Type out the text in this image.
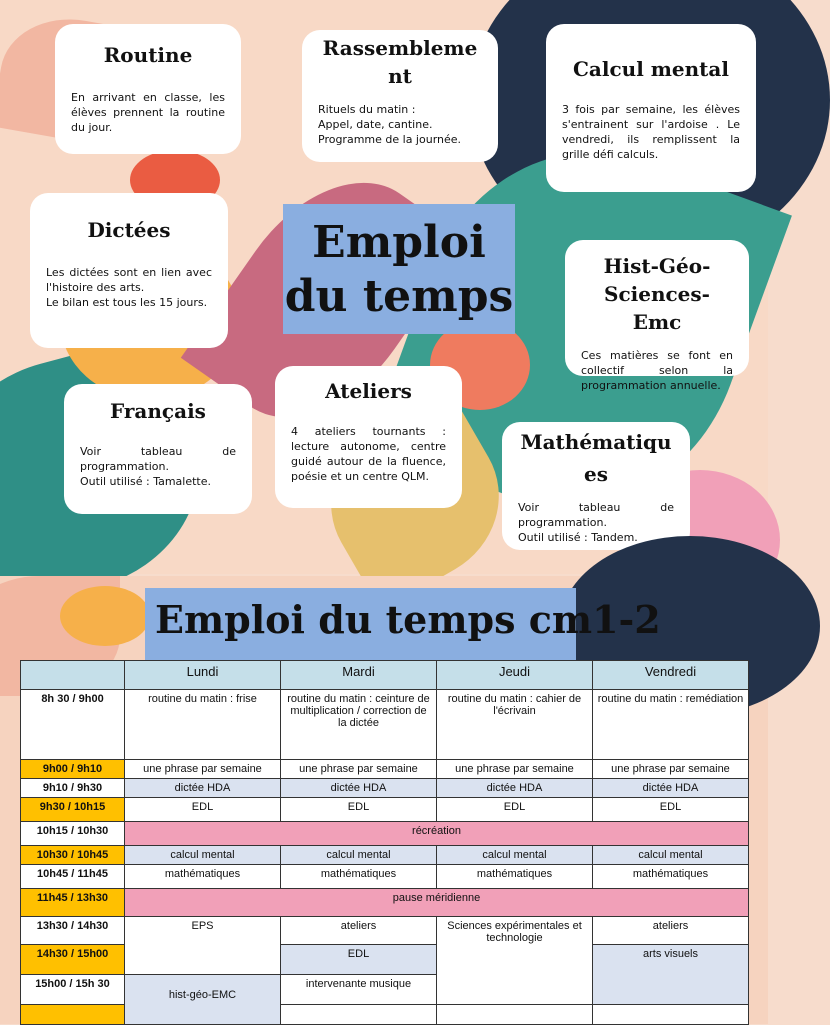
Emploi
du temps
Routine

En arrivant en classe, les élèves prennent la routine du jour.

Rassemblement

Rituels du matin :
Appel, date, cantine.
Programme de la journée.

Calcul mental

3 fois par semaine, les élèves s'entrainent sur l'ardoise . Le vendredi, ils remplissent la grille défi calculs.

Dictées

Les dictées sont en lien avec l'histoire des arts.
Le bilan est tous les 15 jours.

Hist-Géo-Sciences-Emc

Ces matières se font en collectif selon la programmation annuelle.

Français

Voir tableau de programmation.
Outil utilisé : Tamalette.

Ateliers

4 ateliers tournants : lecture autonome, centre guidé autour de la fluence, poésie et un centre QLM.

Mathématiques

Voir tableau de programmation.
Outil utilisé : Tandem.

Emploi du temps cm1-2
	Lundi	Mardi	Jeudi	Vendredi
8h 30 / 9h00	routine du matin : frise	routine du matin : ceinture de multiplication / correction de la dictée	routine du matin : cahier de l'écrivain	routine du matin : remédiation
9h00 / 9h10	une phrase par semaine	une phrase par semaine	une phrase par semaine	une phrase par semaine
9h10 / 9h30	dictée HDA	dictée HDA	dictée HDA	dictée HDA
9h30 / 10h15	EDL	EDL	EDL	EDL
10h15 / 10h30	récréation			
10h30 / 10h45	calcul mental	calcul mental	calcul mental	calcul mental
10h45 / 11h45	mathématiques	mathématiques	mathématiques	mathématiques
11h45 / 13h30	pause méridienne			
13h30 / 14h30	EPS	ateliers	Sciences expérimentales et technologie	ateliers
14h30 / 15h00		EDL		arts visuels
15h00 / 15h 30	hist-géo-EMC	intervenante musique		
